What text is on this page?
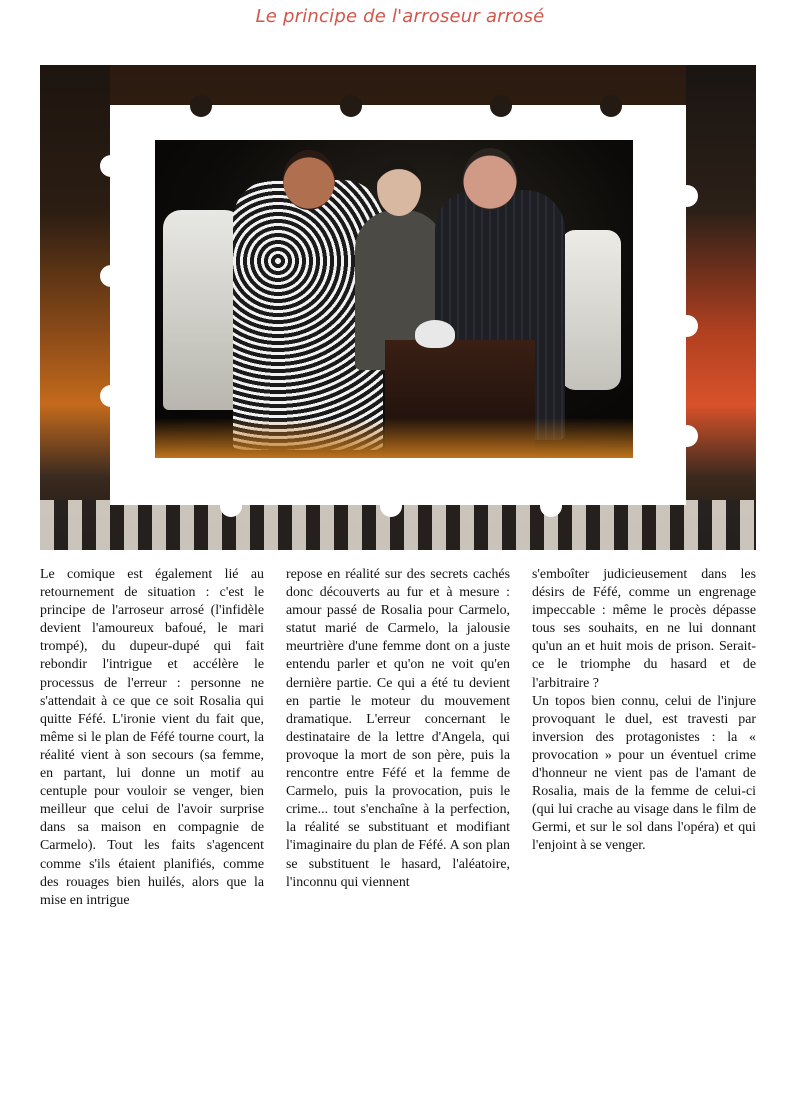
Le principe de l'arroseur arrosé

Le comique est également lié au retournement de situation : c'est le principe de l'arroseur arrosé (l'infidèle devient l'amoureux bafoué, le mari trompé), du dupeur-dupé qui fait rebondir l'intrigue et accélère le processus de l'erreur : personne ne s'attendait à ce que ce soit Rosalia qui quitte Féfé. L'ironie vient du fait que, même si le plan de Féfé tourne court, la réalité vient à son secours (sa femme, en partant, lui donne un motif au centuple pour vouloir se venger, bien meilleur que celui de l'avoir surprise dans sa maison en compagnie de Carmelo). Tout les faits s'agencent comme s'ils étaient planifiés, comme des rouages bien huilés, alors que la mise en intrigue

repose en réalité sur des secrets cachés donc découverts au fur et à mesure : amour passé de Rosalia pour Carmelo, statut marié de Carmelo, la jalousie meurtrière d'une femme dont on a juste entendu parler et qu'on ne voit qu'en dernière partie. Ce qui a été tu devient en partie le moteur du mouvement dramatique. L'erreur concernant le destinataire de la lettre d'Angela, qui provoque la mort de son père, puis la rencontre entre Féfé et la femme de Carmelo, puis la provocation, puis le crime... tout s'enchaîne à la perfection, la réalité se substituant et modifiant l'imaginaire du plan de Féfé. A son plan se substituent le hasard, l'aléatoire, l'inconnu qui viennent

s'emboîter judicieusement dans les désirs de Féfé, comme un engrenage impeccable : même le procès dépasse tous ses souhaits, en ne lui donnant qu'un an et huit mois de prison. Serait-ce le triomphe du hasard et de l'arbitraire ?

Un topos bien connu, celui de l'injure provoquant le duel, est travesti par inversion des protagonistes : la « provocation » pour un éventuel crime d'honneur ne vient pas de l'amant de Rosalia, mais de la femme de celui-ci (qui lui crache au visage dans le film de Germi, et sur le sol dans l'opéra) et qui l'enjoint à se venger.
